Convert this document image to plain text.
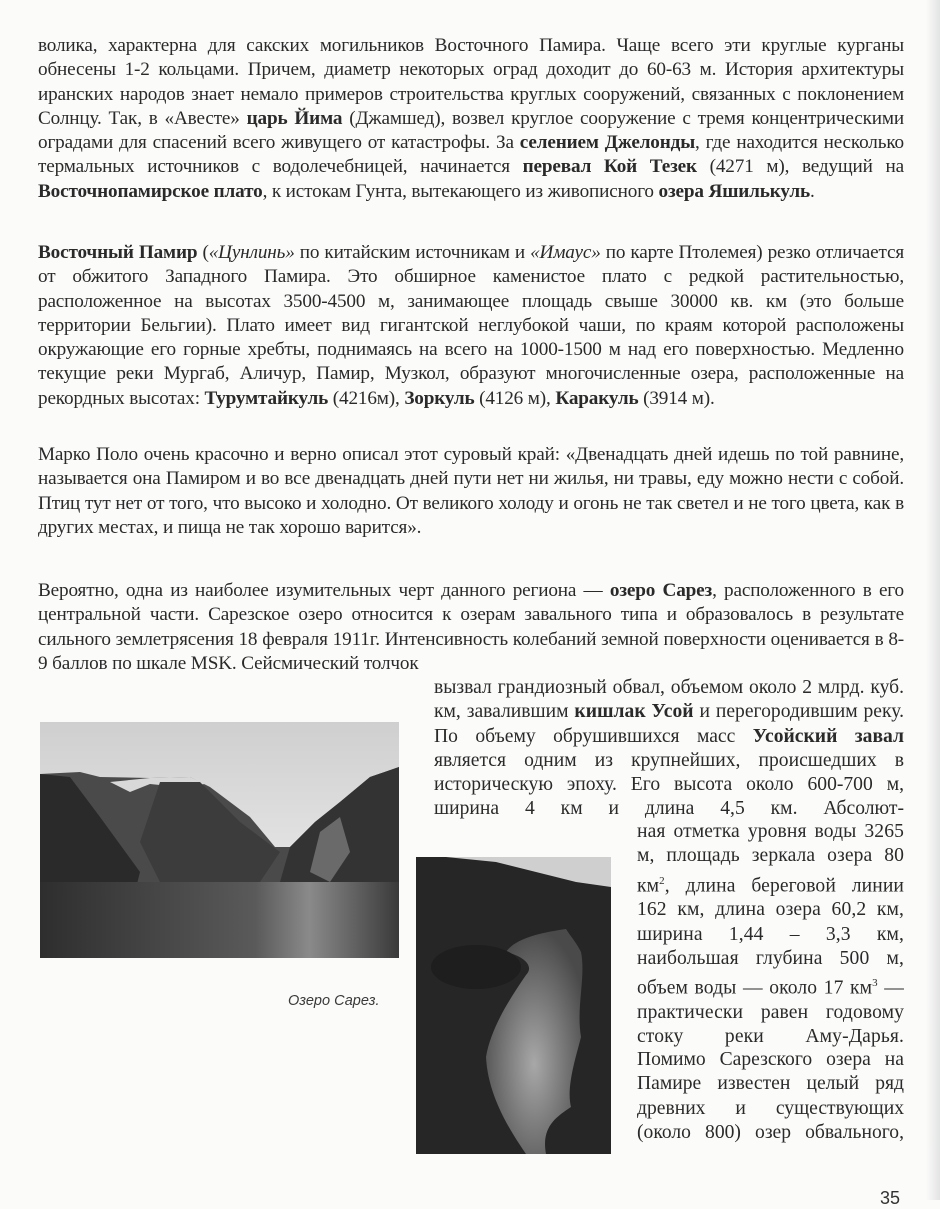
волика, характерна для сакских могильников Восточного Памира. Чаще всего эти круглые курганы обнесены 1-2 кольцами. Причем, диаметр некоторых оград доходит до 60-63 м. История архитектуры иранских народов знает немало примеров строительства круглых сооружений, связанных с поклонением Солнцу. Так, в «Авесте» царь Йима (Джамшед), возвел круглое сооружение с тремя концентрическими оградами для спасений всего живущего от катастрофы. За селением Джелонды, где находится несколько термальных источников с водолечебницей, начинается перевал Кой Тезек (4271 м), ведущий на Восточнопамирское плато, к истокам Гунта, вытекающего из живописного озера Яшилькуль.

Восточный Памир («Цунлинь» по китайским источникам и «Имаус» по карте Птолемея) резко отличается от обжитого Западного Памира. Это обширное каменистое плато с редкой растительностью, расположенное на высотах 3500-4500 м, занимающее площадь свыше 30000 кв. км (это больше территории Бельгии). Плато имеет вид гигантской неглубокой чаши, по краям которой расположены окружающие его горные хребты, поднимаясь на всего на 1000-1500 м над его поверхностью. Медленно текущие реки Мургаб, Аличур, Памир, Музкол, образуют многочисленные озера, расположенные на рекордных высотах: Турумтайкуль (4216м), Зоркуль (4126 м), Каракуль (3914 м).

Марко Поло очень красочно и верно описал этот суровый край: «Двенадцать дней идешь по той равнине, называется она Памиром и во все двенадцать дней пути нет ни жилья, ни травы, еду можно нести с собой. Птиц тут нет от того, что высоко и холодно. От великого холоду и огонь не так светел и не того цвета, как в других местах, и пища не так хорошо варится».

Вероятно, одна из наиболее изумительных черт данного региона — озеро Сарез, расположенного в его центральной части. Сарезское озеро относится к озерам завального типа и образовалось в результате сильного землетрясения 18 февраля 1911г. Интенсивность колебаний земной поверхности оценивается в 8-9 баллов по шкале MSK. Сейсмический толчок

вызвал грандиозный обвал, объемом около 2 млрд. куб. км, завалившим кишлак Усой и перегородившим реку. По объему обрушившихся масс Усойский завал является одним из крупнейших, происшедших в историческую эпоху. Его высота около 600-700 м, ширина 4 км и длина 4,5 км. Абсолют-

ная отметка уровня воды 3265 м, площадь зеркала озера 80 $км^2$, длина береговой линии 162 км, длина озера 60,2 км, ширина 1,44 – 3,3 км, наибольшая глубина 500 м, объем воды — около 17 $км^3$ — практически равен годовому стоку реки Аму-Дарья.

Помимо Сарезского озера на Памире известен целый ряд древних и существующих (около 800) озер обвального,

Озеро Сарез.
35
